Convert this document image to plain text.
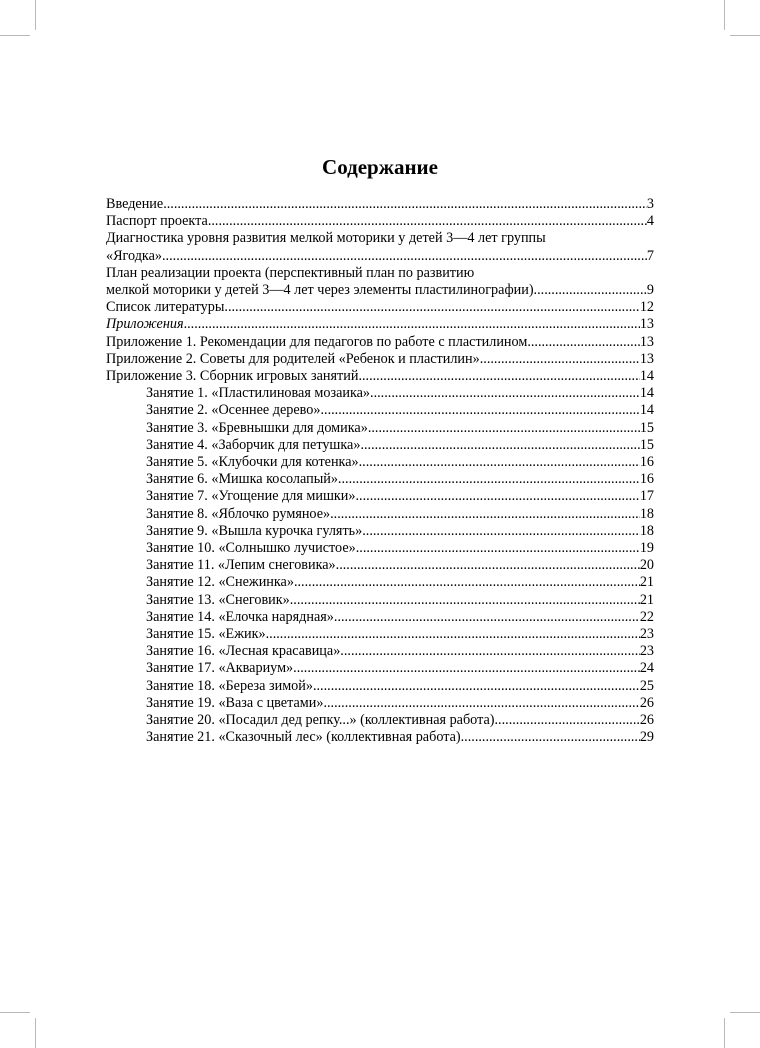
Содержание
Введение .....	3
Паспорт проекта .....	4
Диагностика уровня развития мелкой моторики у детей 3—4 лет группы
«Ягодка» .....	7
План реализации проекта (перспективный план по развитию
мелкой моторики у детей 3—4 лет через элементы пластилинографии) .....	9
Список литературы .....	12
Приложения .....	13
Приложение 1. Рекомендации для педагогов по работе с пластилином .....	13
Приложение 2. Советы для родителей «Ребенок и пластилин» .....	13
Приложение 3. Сборник игровых занятий .....	14
Занятие 1. «Пластилиновая мозаика» .....	14
Занятие 2. «Осеннее дерево» .....	14
Занятие 3. «Бревнышки для домика» .....	15
Занятие 4. «Заборчик для петушка» .....	15
Занятие 5. «Клубочки для котенка» .....	16
Занятие 6. «Мишка косолапый» .....	16
Занятие 7. «Угощение для мишки» .....	17
Занятие 8. «Яблочко румяное» .....	18
Занятие 9. «Вышла курочка гулять» .....	18
Занятие 10. «Солнышко лучистое» .....	19
Занятие 11. «Лепим снеговика» .....	20
Занятие 12. «Снежинка» .....	21
Занятие 13. «Снеговик» .....	21
Занятие 14. «Елочка нарядная» .....	22
Занятие 15. «Ежик» .....	23
Занятие 16. «Лесная красавица» .....	23
Занятие 17. «Аквариум» .....	24
Занятие 18. «Береза зимой» .....	25
Занятие 19. «Ваза с цветами» .....	26
Занятие 20. «Посадил дед репку...» (коллективная работа) .....	26
Занятие 21. «Сказочный лес» (коллективная работа) .....	29
